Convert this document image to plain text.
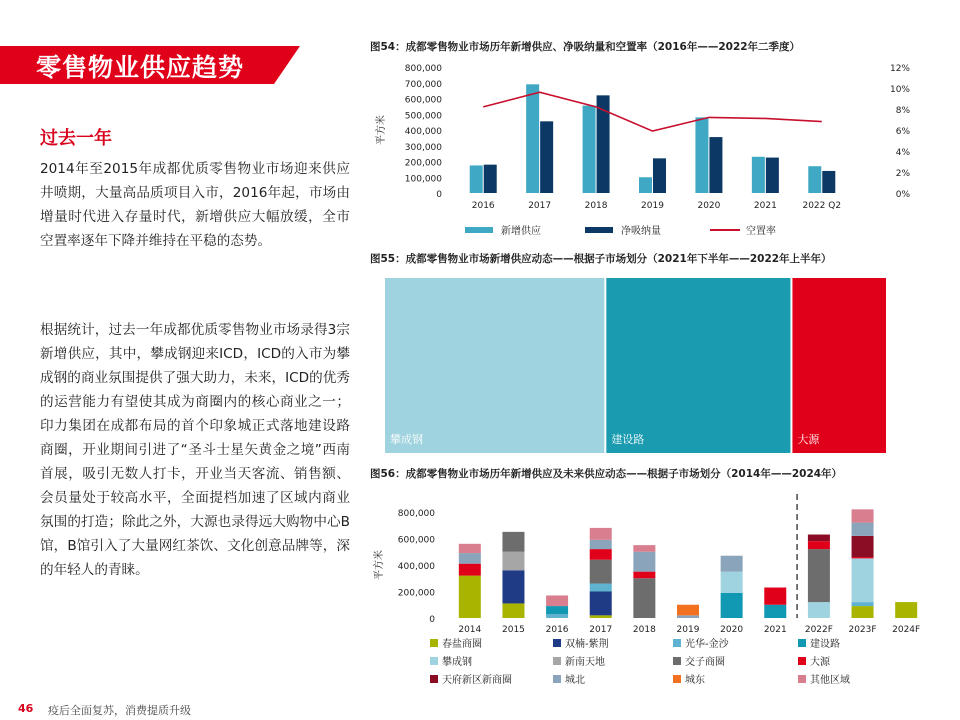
零售物业供应趋势
过去一年

2014年至2015年成都优质零售物业市场迎来供应井喷期，大量高品质项目入市，2016年起，市场由增量时代进入存量时代，新增供应大幅放缓，全市空置率逐年下降并维持在平稳的态势。

根据统计，过去一年成都优质零售物业市场录得3宗新增供应，其中，攀成钢迎来ICD，ICD的入市为攀成钢的商业氛围提供了强大助力，未来，ICD的优秀的运营能力有望使其成为商圈内的核心商业之一；印力集团在成都布局的首个印象城正式落地建设路商圈，开业期间引进了“圣斗士星矢黄金之境”西南首展，吸引无数人打卡，开业当天客流、销售额、会员量处于较高水平，全面提档加速了区域内商业氛围的打造；除此之外，大源也录得远大购物中心B馆，B馆引入了大量网红茶饮、文化创意品牌等，深的年轻人的青睐。

46 疫后全面复苏，消费提质升级
图54：成都零售物业市场历年新增供应、净吸纳量和空置率（2016年——2022年二季度）
平方米
800,000
700,000
600,000
500,000
400,000
300,000
200,000
100,000
0
12%
10%
8%
6%
4%
2%
0%
2016	2017	2018	2019	2020	2021	2022 Q2
新增供应	净吸纳量	空置率
图55：成都零售物业市场新增供应动态——根据子市场划分（2021年下半年——2022年上半年）
攀成钢	建设路	大源
图56：成都零售物业市场历年新增供应及未来供应动态——根据子市场划分（2014年——2024年）
平方米
800,000
600,000
400,000
200,000
0
2014 2015 2016 2017 2018 2019 2020 2021 2022F 2023F 2024F
春盐商圈	双楠-紫荆	光华-金沙	建设路
攀成钢	新南天地	交子商圈	大源
天府新区新商圈	城北	城东	其他区域
